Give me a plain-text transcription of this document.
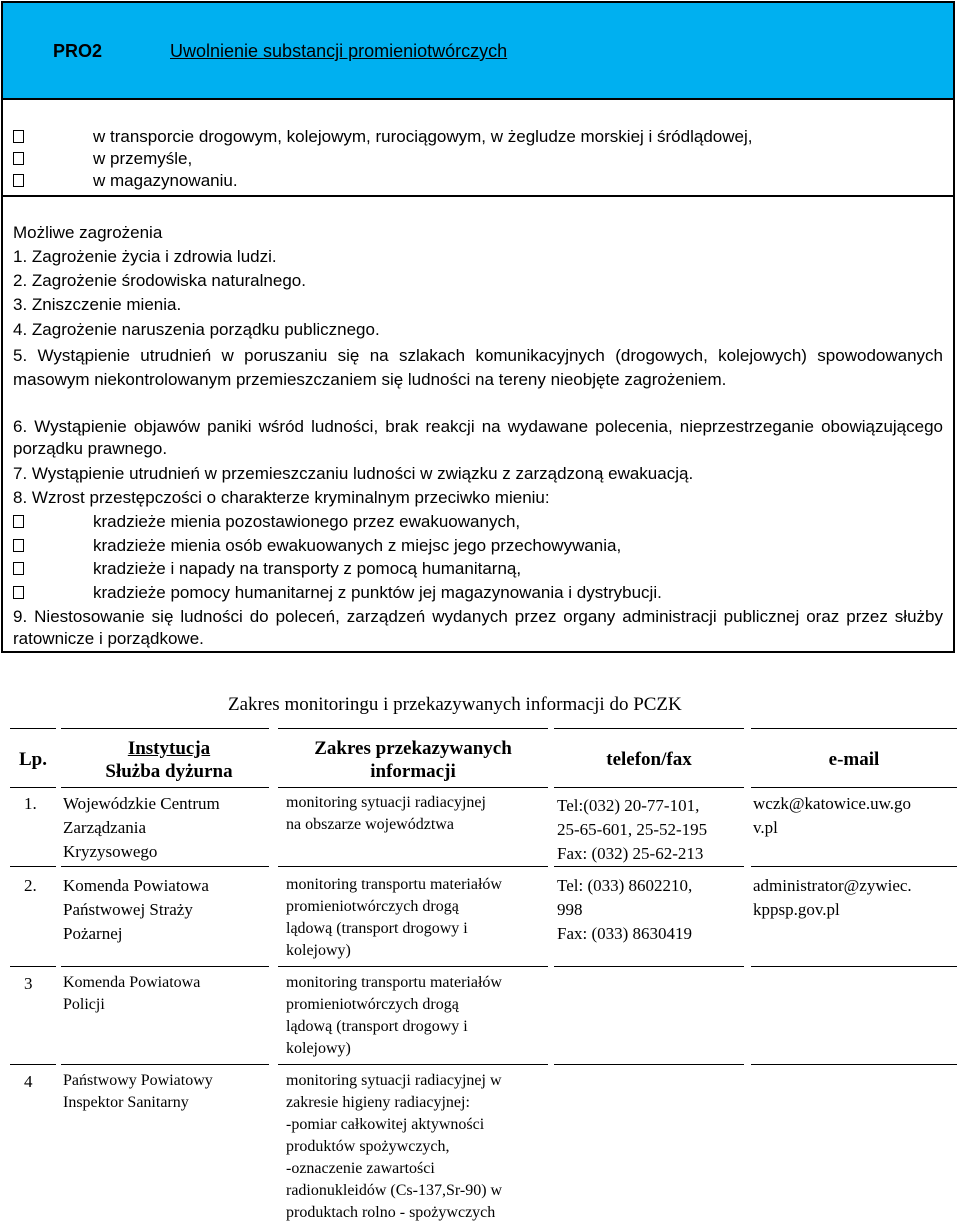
PRO2	Uwolnienie substancji promieniotwórczych
w transporcie drogowym, kolejowym, rurociągowym, w żegludze morskiej i śródlądowej,
w przemyśle,
w magazynowaniu.
Możliwe zagrożenia
1. Zagrożenie życia i zdrowia ludzi.
2. Zagrożenie środowiska naturalnego.
3. Zniszczenie mienia.
4. Zagrożenie naruszenia porządku publicznego.
5. Wystąpienie utrudnień w poruszaniu się na szlakach komunikacyjnych (drogowych, kolejowych) spowodowanych masowym niekontrolowanym przemieszczaniem się ludności na tereny nieobjęte zagrożeniem.
6. Wystąpienie objawów paniki wśród ludności, brak reakcji na wydawane polecenia, nieprzestrzeganie obowiązującego porządku prawnego.
7. Wystąpienie utrudnień w przemieszczaniu ludności w związku z zarządzoną ewakuacją.
8. Wzrost przestępczości o charakterze kryminalnym przeciwko mieniu:
kradzieże mienia pozostawionego przez ewakuowanych,
kradzieże mienia osób ewakuowanych z miejsc jego przechowywania,
kradzieże i napady na transporty z pomocą humanitarną,
kradzieże pomocy humanitarnej z punktów jej magazynowania i dystrybucji.
9. Niestosowanie się ludności do poleceń, zarządzeń wydanych przez organy administracji publicznej oraz przez służby ratownicze i porządkowe.
Zakres monitoringu i przekazywanych informacji do PCZK
Lp.
Instytucja
Służba dyżurna
Zakres przekazywanych
informacji
telefon/fax	e-mail
1. Wojewódzkie Centrum
Zarządzania
Kryzysowego
monitoring sytuacji radiacyjnej
na obszarze województwa
Tel:(032) 20-77-101,
25-65-601, 25-52-195
Fax: (032) 25-62-213
wczk@katowice.uw.go
v.pl
2. Komenda Powiatowa
Państwowej Straży
Pożarnej
monitoring transportu materiałów
promieniotwórczych drogą
lądową (transport drogowy i
kolejowy)
Tel: (033) 8602210,
998
Fax: (033) 8630419
administrator@zywiec.
kppsp.gov.pl
3 Komenda Powiatowa
Policji
monitoring transportu materiałów
promieniotwórczych drogą
lądową (transport drogowy i
kolejowy)
4 Państwowy Powiatowy
Inspektor Sanitarny
monitoring sytuacji radiacyjnej w
zakresie higieny radiacyjnej:
-pomiar całkowitej aktywności
produktów spożywczych,
-oznaczenie zawartości
radionukleidów (Cs-137,Sr-90) w
produktach rolno - spożywczych
